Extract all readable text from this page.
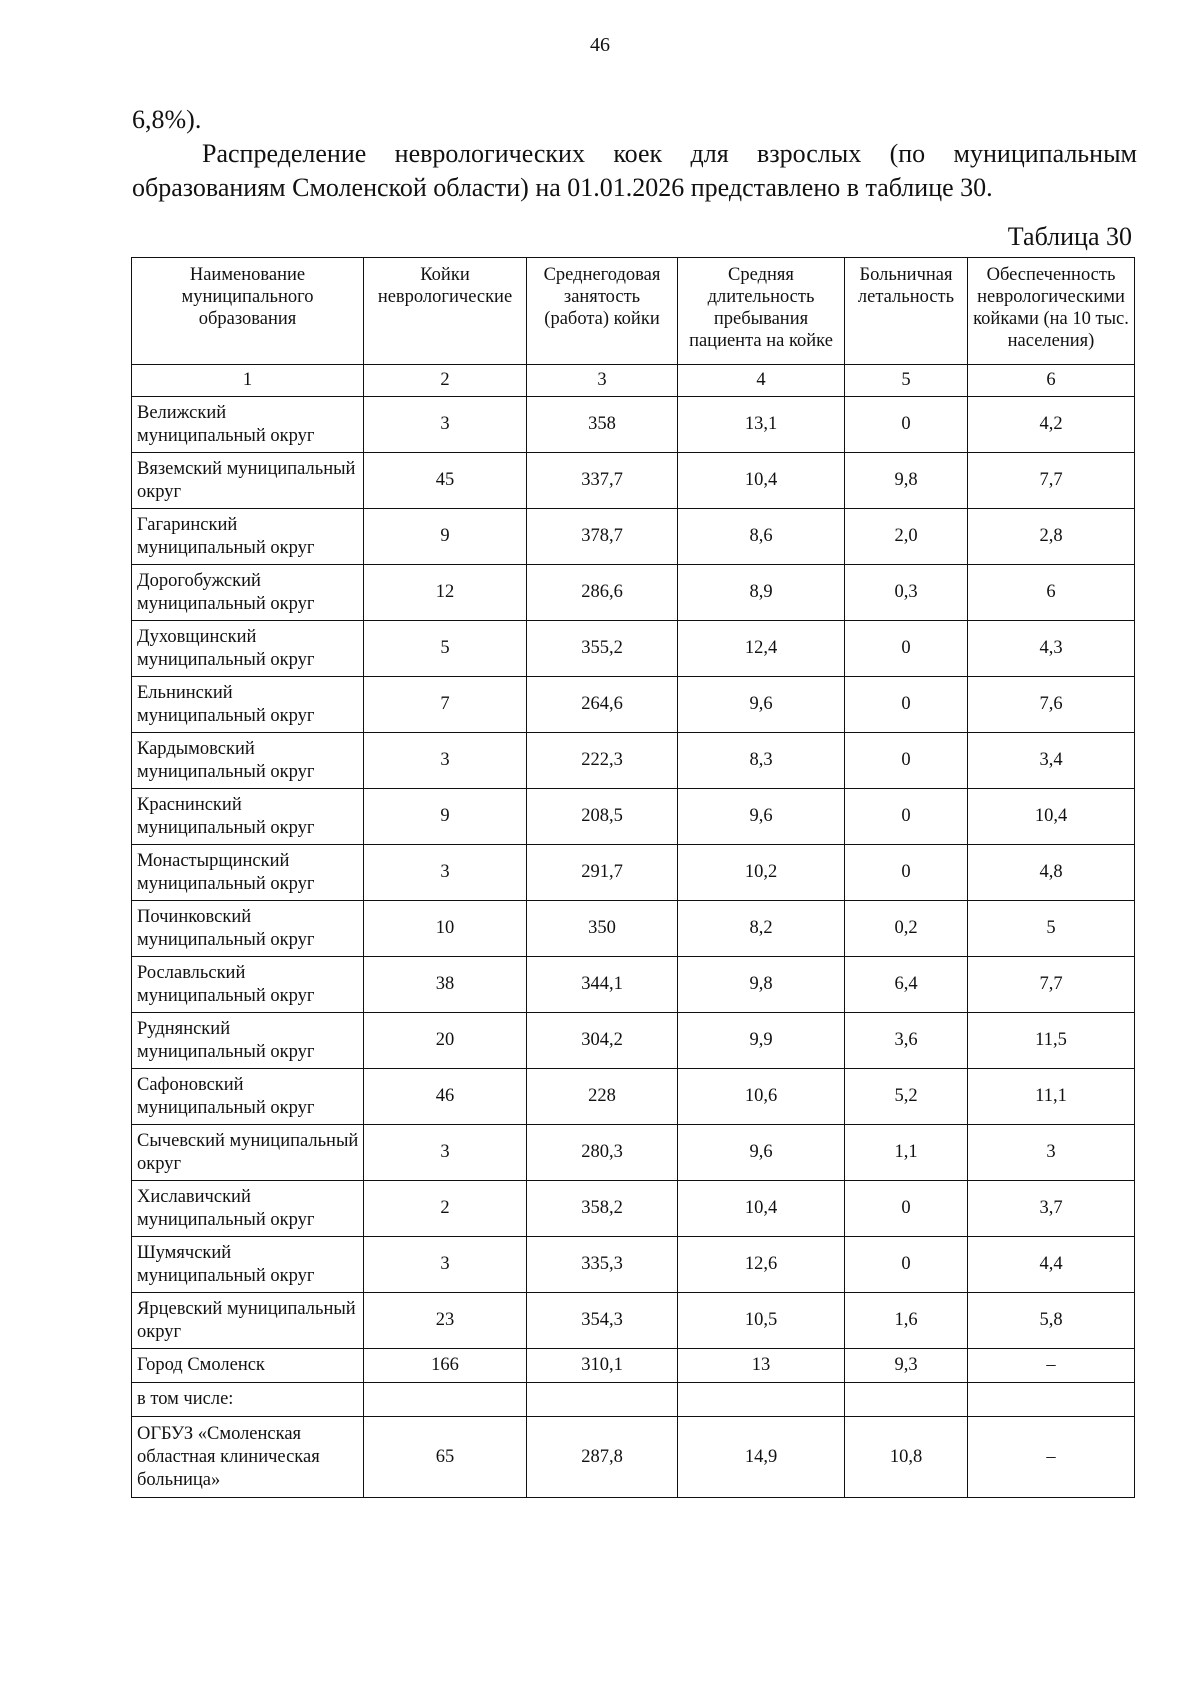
46
6,8%).
Распределение неврологических коек для взрослых (по муниципальным образованиям Смоленской области) на 01.01.2026 представлено в таблице 30.
Таблица 30
Наименование муниципального образования	Койки неврологические	Среднегодовая занятость (работа) койки	Средняя длительность пребывания пациента на койке	Больничная летальность	Обеспеченность неврологическими койками (на 10 тыс. населения)
1	2	3	4	5	6
Велижский муниципальный округ	3	358	13,1	0	4,2
Вяземский муниципальный округ	45	337,7	10,4	9,8	7,7
Гагаринский муниципальный округ	9	378,7	8,6	2,0	2,8
Дорогобужский муниципальный округ	12	286,6	8,9	0,3	6
Духовщинский муниципальный округ	5	355,2	12,4	0	4,3
Ельнинский муниципальный округ	7	264,6	9,6	0	7,6
Кардымовский муниципальный округ	3	222,3	8,3	0	3,4
Краснинский муниципальный округ	9	208,5	9,6	0	10,4
Монастырщинский муниципальный округ	3	291,7	10,2	0	4,8
Починковский муниципальный округ	10	350	8,2	0,2	5
Рославльский муниципальный округ	38	344,1	9,8	6,4	7,7
Руднянский муниципальный округ	20	304,2	9,9	3,6	11,5
Сафоновский муниципальный округ	46	228	10,6	5,2	11,1
Сычевский муниципальный округ	3	280,3	9,6	1,1	3
Хиславичский муниципальный округ	2	358,2	10,4	0	3,7
Шумячский муниципальный округ	3	335,3	12,6	0	4,4
Ярцевский муниципальный округ	23	354,3	10,5	1,6	5,8
Город Смоленск	166	310,1	13	9,3	–
в том числе:					
ОГБУЗ «Смоленская областная клиническая больница»	65	287,8	14,9	10,8	–
